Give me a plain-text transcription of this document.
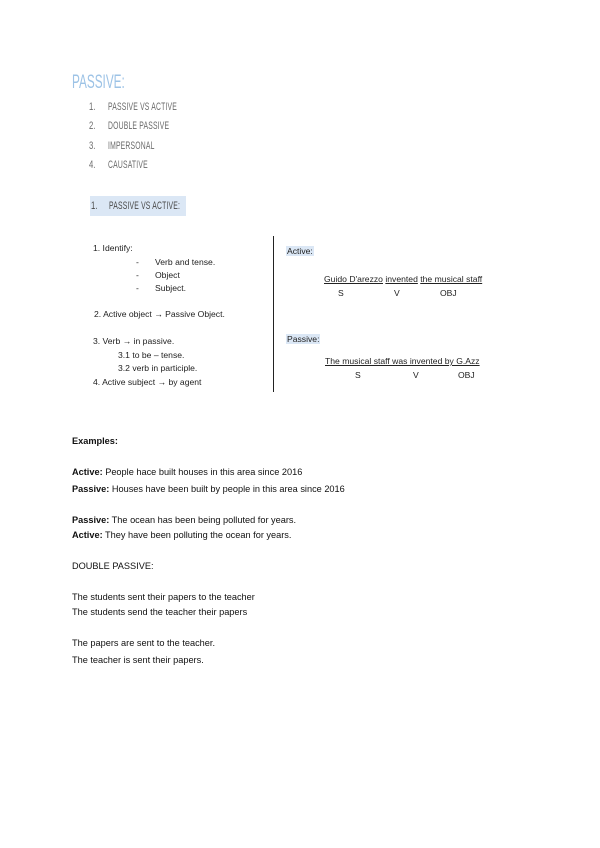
PASSIVE:
1. PASSIVE VS ACTIVE
2. DOUBLE PASSIVE
3. IMPERSONAL
4. CAUSATIVE
1. PASSIVE VS ACTIVE:
1. Identify:
- Verb and tense.
- Object
- Subject.
2. Active object → Passive Object.
3. Verb → in passive.
3.1 to be – tense.
3.2 verb in participle.
4. Active subject → by agent
Active:
Guido D'arezzo invented the musical staff
S	V	OBJ
Passive:
The musical staff was invented by G.Azz
S	V	OBJ
Examples:
Active: People hace built houses in this area since 2016
Passive: Houses have been built by people in this area since 2016
Passive: The ocean has been being polluted for years.
Active: They have been polluting the ocean for years.
DOUBLE PASSIVE:
The students sent their papers to the teacher
The students send the teacher their papers
The papers are sent to the teacher.
The teacher is sent their papers.
